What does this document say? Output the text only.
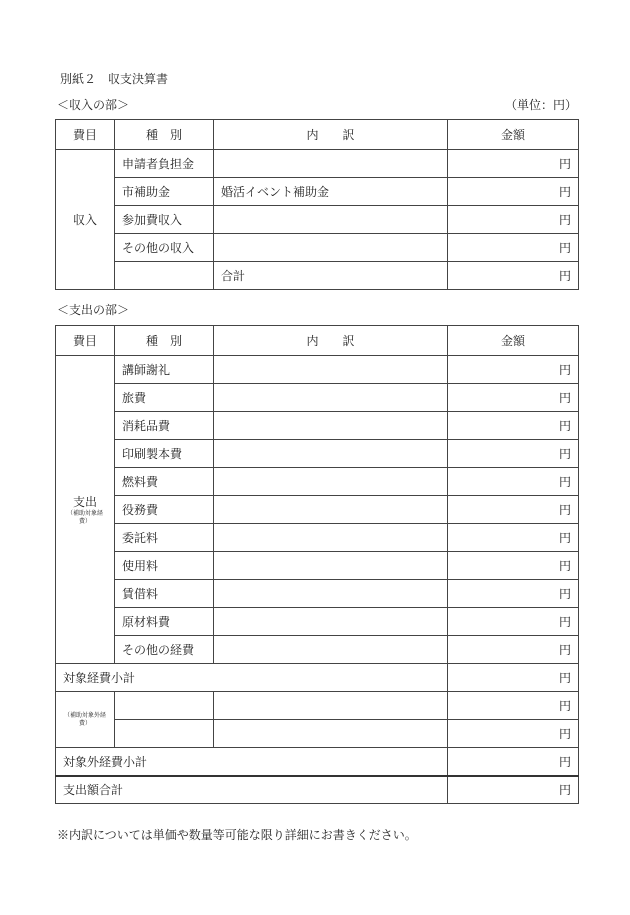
別紙２　収支決算書
＜収入の部＞	（単位：円）
費目	種　別	内　　訳	金額
収入	申請者負担金		円
	市補助金	婚活イベント補助金	円
	参加費収入		円
	その他の収入		円
		合計	円
＜支出の部＞
費目	種　別	内　　訳	金額
支出
（補助対象経費）	講師謝礼		円
	旅費		円
	消耗品費		円
	印刷製本費		円
	燃料費		円
	役務費		円
	委託料		円
	使用料		円
	賃借料		円
	原材料費		円
	その他の経費		円
対象経費小計			円

（補助対象外経費）			円
			円
対象外経費小計			円
支出額合計			円
※内訳については単価や数量等可能な限り詳細にお書きください。
